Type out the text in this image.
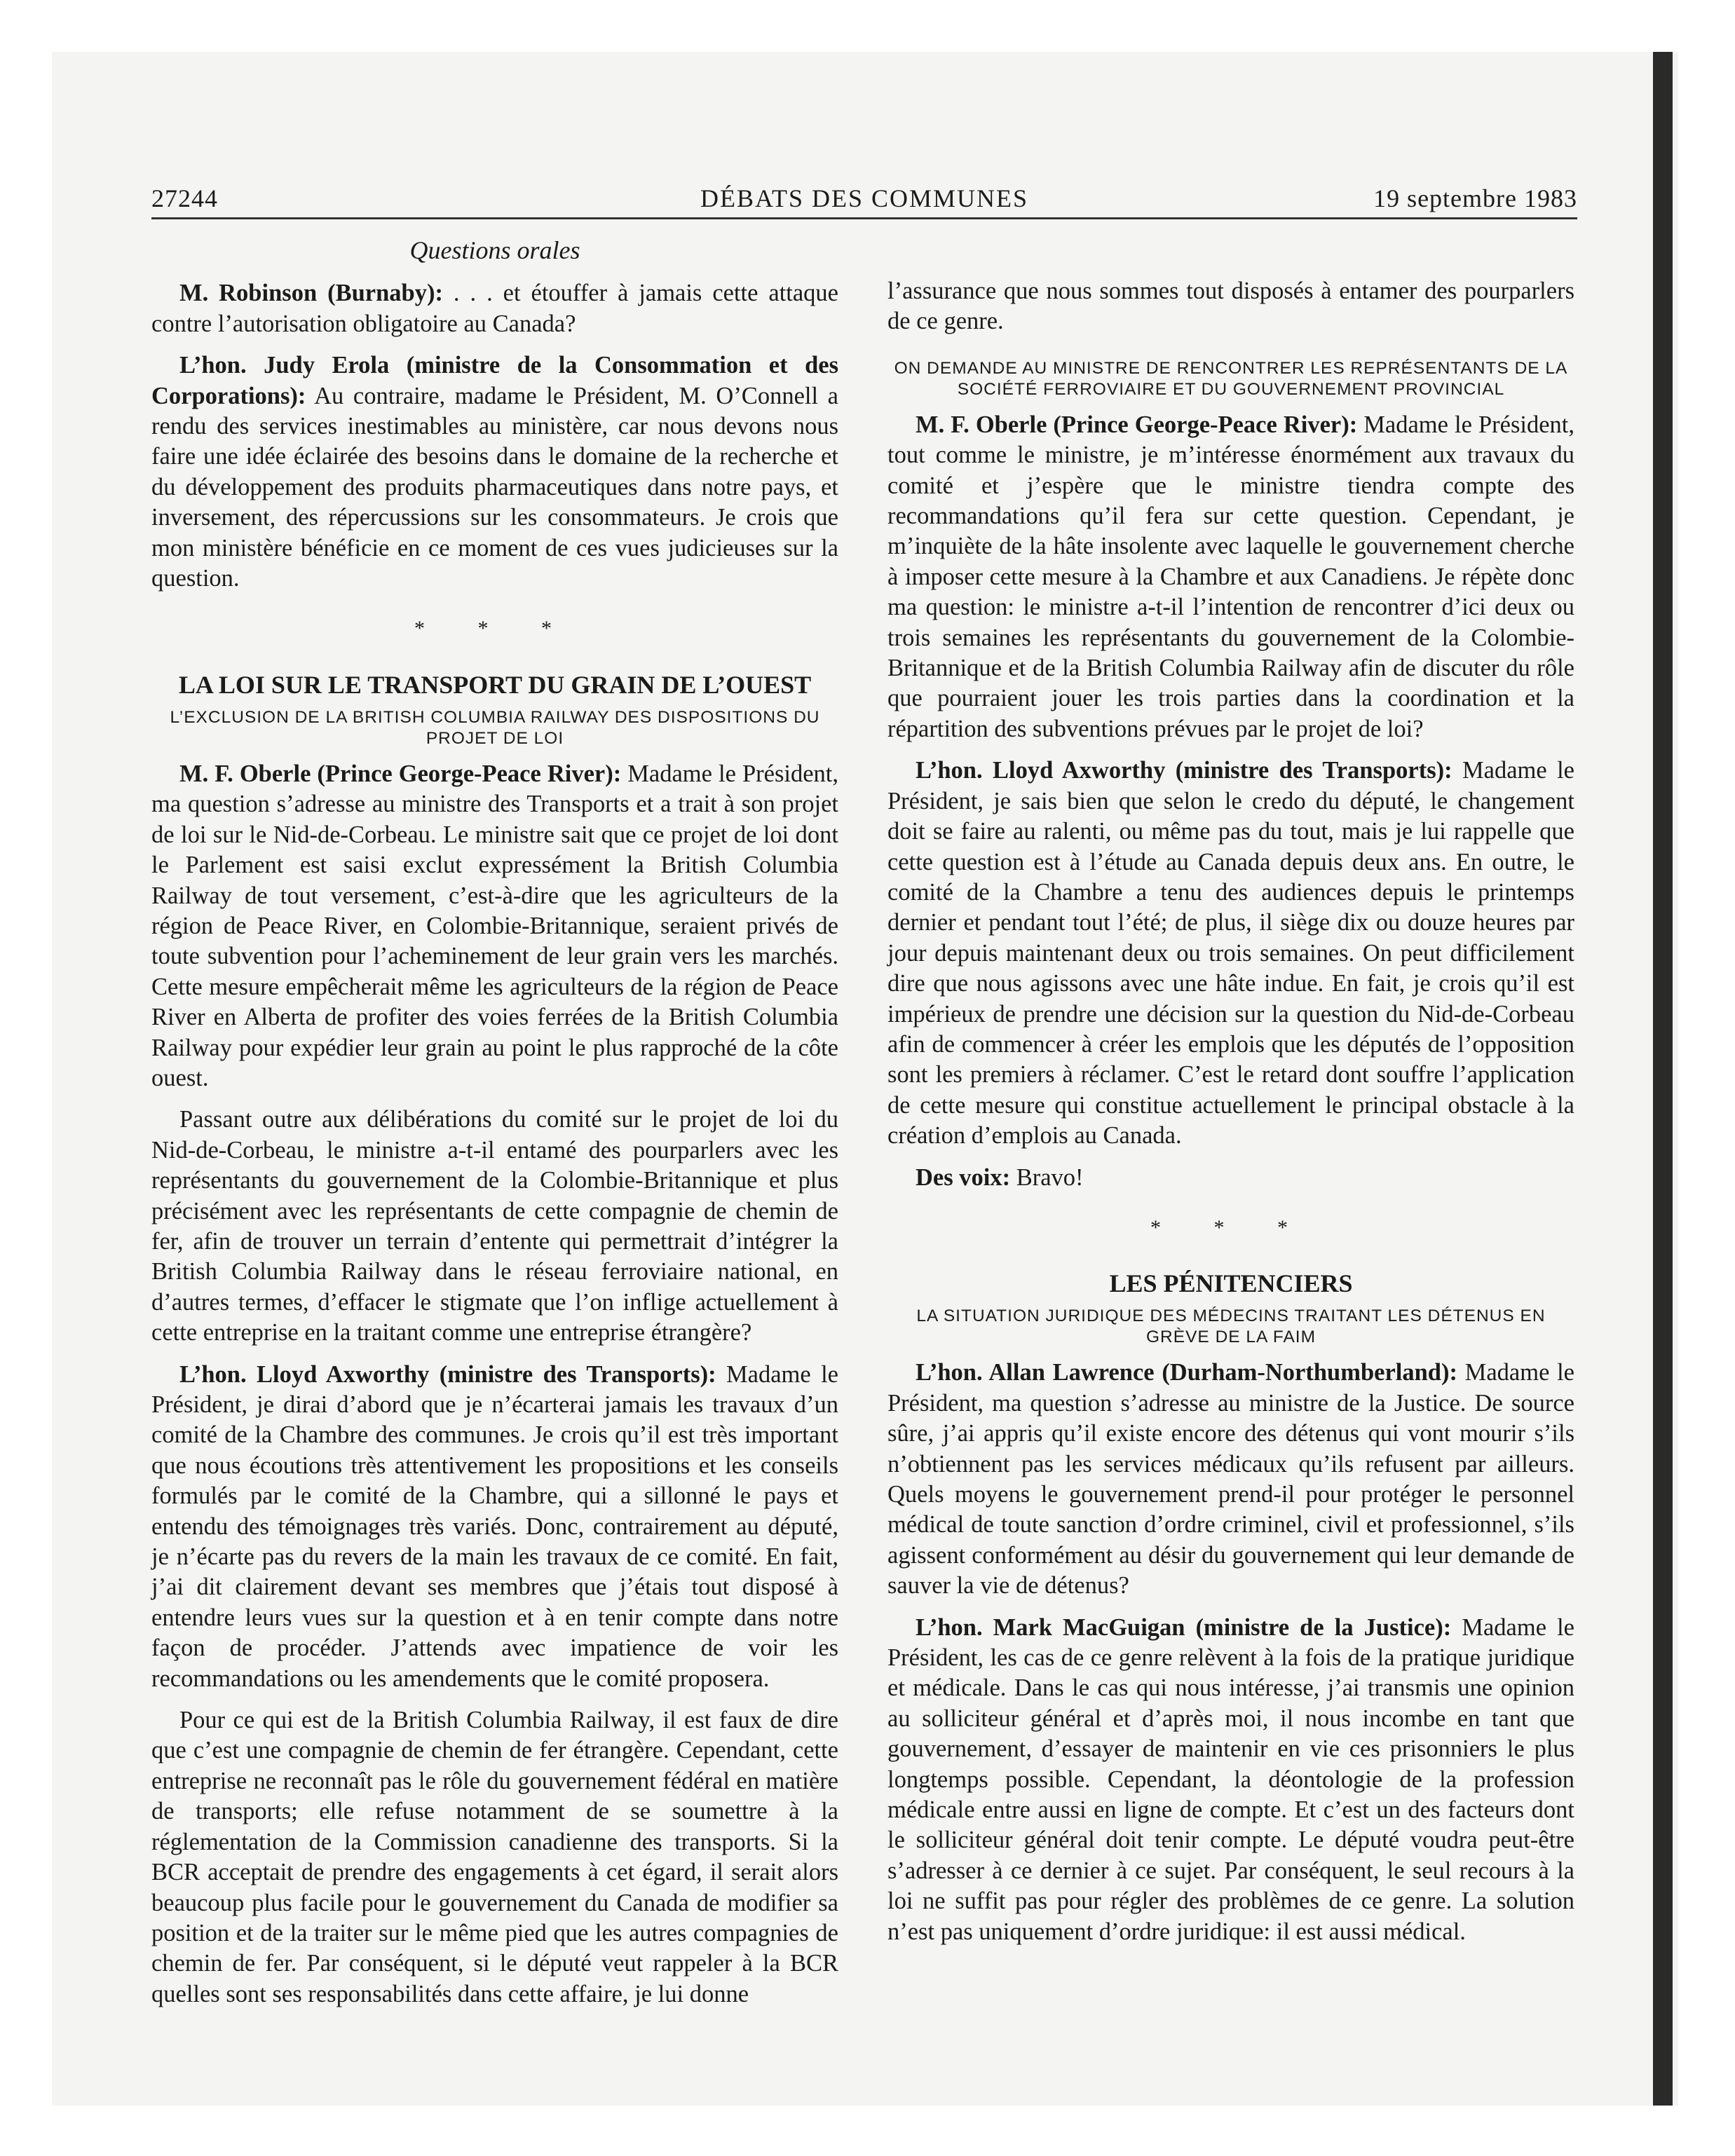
DÉBATS DES COMMUNES
27244	19 septembre 1983
Questions orales

M. Robinson (Burnaby): . . . et étouffer à jamais cette attaque contre l’autorisation obligatoire au Canada?

L’hon. Judy Erola (ministre de la Consommation et des Corporations): Au contraire, madame le Président, M. O’Connell a rendu des services inestimables au ministère, car nous devons nous faire une idée éclairée des besoins dans le domaine de la recherche et du développement des produits pharmaceutiques dans notre pays, et inversement, des répercussions sur les consommateurs. Je crois que mon ministère bénéficie en ce moment de ces vues judicieuses sur la question.

* * *
LA LOI SUR LE TRANSPORT DU GRAIN DE L’OUEST
L’EXCLUSION DE LA BRITISH COLUMBIA RAILWAY DES DISPOSITIONS DU PROJET DE LOI

M. F. Oberle (Prince George-Peace River): Madame le Président, ma question s’adresse au ministre des Transports et a trait à son projet de loi sur le Nid-de-Corbeau. Le ministre sait que ce projet de loi dont le Parlement est saisi exclut expressément la British Columbia Railway de tout versement, c’est-à-dire que les agriculteurs de la région de Peace River, en Colombie-Britannique, seraient privés de toute subvention pour l’acheminement de leur grain vers les marchés. Cette mesure empêcherait même les agriculteurs de la région de Peace River en Alberta de profiter des voies ferrées de la British Columbia Railway pour expédier leur grain au point le plus rapproché de la côte ouest.

Passant outre aux délibérations du comité sur le projet de loi du Nid-de-Corbeau, le ministre a-t-il entamé des pourparlers avec les représentants du gouvernement de la Colombie-Britannique et plus précisément avec les représentants de cette compagnie de chemin de fer, afin de trouver un terrain d’entente qui permettrait d’intégrer la British Columbia Railway dans le réseau ferroviaire national, en d’autres termes, d’effacer le stigmate que l’on inflige actuellement à cette entreprise en la traitant comme une entreprise étrangère?

L’hon. Lloyd Axworthy (ministre des Transports): Madame le Président, je dirai d’abord que je n’écarterai jamais les travaux d’un comité de la Chambre des communes. Je crois qu’il est très important que nous écoutions très attentivement les propositions et les conseils formulés par le comité de la Chambre, qui a sillonné le pays et entendu des témoignages très variés. Donc, contrairement au député, je n’écarte pas du revers de la main les travaux de ce comité. En fait, j’ai dit clairement devant ses membres que j’étais tout disposé à entendre leurs vues sur la question et à en tenir compte dans notre façon de procéder. J’attends avec impatience de voir les recommandations ou les amendements que le comité proposera.

Pour ce qui est de la British Columbia Railway, il est faux de dire que c’est une compagnie de chemin de fer étrangère. Cependant, cette entreprise ne reconnaît pas le rôle du gouvernement fédéral en matière de transports; elle refuse notamment de se soumettre à la réglementation de la Commission canadienne des transports. Si la BCR acceptait de prendre des engagements à cet égard, il serait alors beaucoup plus facile pour le gouvernement du Canada de modifier sa position et de la traiter sur le même pied que les autres compagnies de chemin de fer. Par conséquent, si le député veut rappeler à la BCR quelles sont ses responsabilités dans cette affaire, je lui donne

l’assurance que nous sommes tout disposés à entamer des pourparlers de ce genre.

ON DEMANDE AU MINISTRE DE RENCONTRER LES REPRÉSENTANTS DE LA SOCIÉTÉ FERROVIAIRE ET DU GOUVERNEMENT PROVINCIAL

M. F. Oberle (Prince George-Peace River): Madame le Président, tout comme le ministre, je m’intéresse énormément aux travaux du comité et j’espère que le ministre tiendra compte des recommandations qu’il fera sur cette question. Cependant, je m’inquiète de la hâte insolente avec laquelle le gouvernement cherche à imposer cette mesure à la Chambre et aux Canadiens. Je répète donc ma question: le ministre a-t-il l’intention de rencontrer d’ici deux ou trois semaines les représentants du gouvernement de la Colombie-Britannique et de la British Columbia Railway afin de discuter du rôle que pourraient jouer les trois parties dans la coordination et la répartition des subventions prévues par le projet de loi?

L’hon. Lloyd Axworthy (ministre des Transports): Madame le Président, je sais bien que selon le credo du député, le changement doit se faire au ralenti, ou même pas du tout, mais je lui rappelle que cette question est à l’étude au Canada depuis deux ans. En outre, le comité de la Chambre a tenu des audiences depuis le printemps dernier et pendant tout l’été; de plus, il siège dix ou douze heures par jour depuis maintenant deux ou trois semaines. On peut difficilement dire que nous agissons avec une hâte indue. En fait, je crois qu’il est impérieux de prendre une décision sur la question du Nid-de-Corbeau afin de commencer à créer les emplois que les députés de l’opposition sont les premiers à réclamer. C’est le retard dont souffre l’application de cette mesure qui constitue actuellement le principal obstacle à la création d’emplois au Canada.

Des voix: Bravo!

* * *
LES PÉNITENCIERS
LA SITUATION JURIDIQUE DES MÉDECINS TRAITANT LES DÉTENUS EN GRÈVE DE LA FAIM

L’hon. Allan Lawrence (Durham-Northumberland): Madame le Président, ma question s’adresse au ministre de la Justice. De source sûre, j’ai appris qu’il existe encore des détenus qui vont mourir s’ils n’obtiennent pas les services médicaux qu’ils refusent par ailleurs. Quels moyens le gouvernement prend-il pour protéger le personnel médical de toute sanction d’ordre criminel, civil et professionnel, s’ils agissent conformément au désir du gouvernement qui leur demande de sauver la vie de détenus?

L’hon. Mark MacGuigan (ministre de la Justice): Madame le Président, les cas de ce genre relèvent à la fois de la pratique juridique et médicale. Dans le cas qui nous intéresse, j’ai transmis une opinion au solliciteur général et d’après moi, il nous incombe en tant que gouvernement, d’essayer de maintenir en vie ces prisonniers le plus longtemps possible. Cependant, la déontologie de la profession médicale entre aussi en ligne de compte. Et c’est un des facteurs dont le solliciteur général doit tenir compte. Le député voudra peut-être s’adresser à ce dernier à ce sujet. Par conséquent, le seul recours à la loi ne suffit pas pour régler des problèmes de ce genre. La solution n’est pas uniquement d’ordre juridique: il est aussi médical.
